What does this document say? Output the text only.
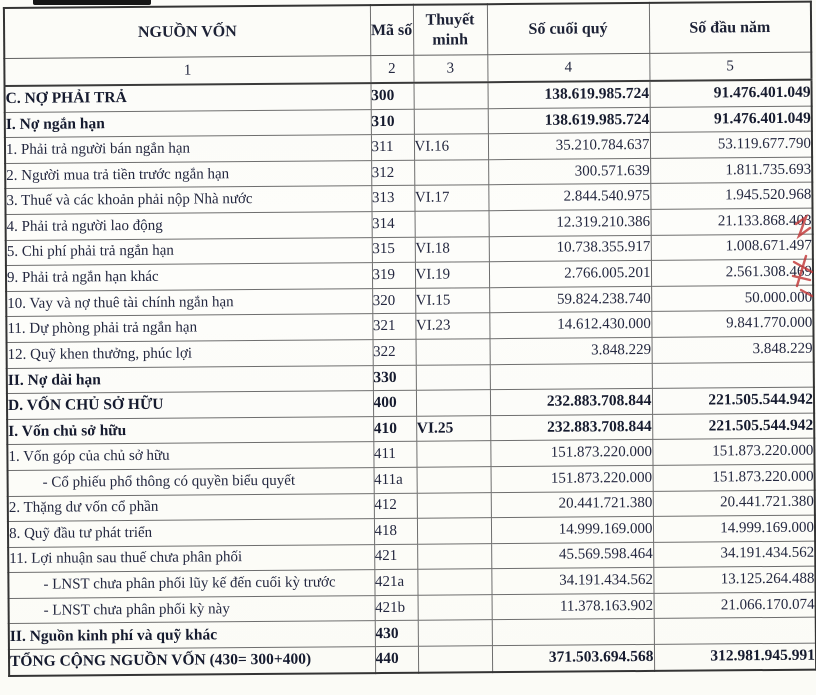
NGUỒN VỐN	Mã số	Thuyết minh	Số cuối quý	Số đầu năm
1	2	3	4	5
C. NỢ PHẢI TRẢ	300		138.619.985.724	91.476.401.049
I. Nợ ngắn hạn	310		138.619.985.724	91.476.401.049
1. Phải trả người bán ngắn hạn	311	VI.16	35.210.784.637	53.119.677.790
2. Người mua trả tiền trước ngắn hạn	312		300.571.639	1.811.735.693
3. Thuế và các khoản phải nộp Nhà nước	313	VI.17	2.844.540.975	1.945.520.968
4. Phải trả người lao động	314		12.319.210.386	21.133.868.403
5. Chi phí phải trả ngắn hạn	315	VI.18	10.738.355.917	1.008.671.497
9. Phải trả ngắn hạn khác	319	VI.19	2.766.005.201	2.561.308.469
10. Vay và nợ thuê tài chính ngắn hạn	320	VI.15	59.824.238.740	50.000.000
11. Dự phòng phải trả ngắn hạn	321	VI.23	14.612.430.000	9.841.770.000
12. Quỹ khen thưởng, phúc lợi	322		3.848.229	3.848.229
II. Nợ dài hạn	330			
D. VỐN CHỦ SỞ HỮU	400		232.883.708.844	221.505.544.942
I. Vốn chủ sở hữu	410	VI.25	232.883.708.844	221.505.544.942
1. Vốn góp của chủ sở hữu	411		151.873.220.000	151.873.220.000
- Cổ phiếu phổ thông có quyền biểu quyết	411a		151.873.220.000	151.873.220.000
2. Thặng dư vốn cổ phần	412		20.441.721.380	20.441.721.380
8. Quỹ đầu tư phát triển	418		14.999.169.000	14.999.169.000
11. Lợi nhuận sau thuế chưa phân phối	421		45.569.598.464	34.191.434.562
- LNST chưa phân phối lũy kế đến cuối kỳ trước	421a		34.191.434.562	13.125.264.488
- LNST chưa phân phối kỳ này	421b		11.378.163.902	21.066.170.074
II. Nguồn kinh phí và quỹ khác	430			
TỔNG CỘNG NGUỒN VỐN (430= 300+400)	440		371.503.694.568	312.981.945.991
